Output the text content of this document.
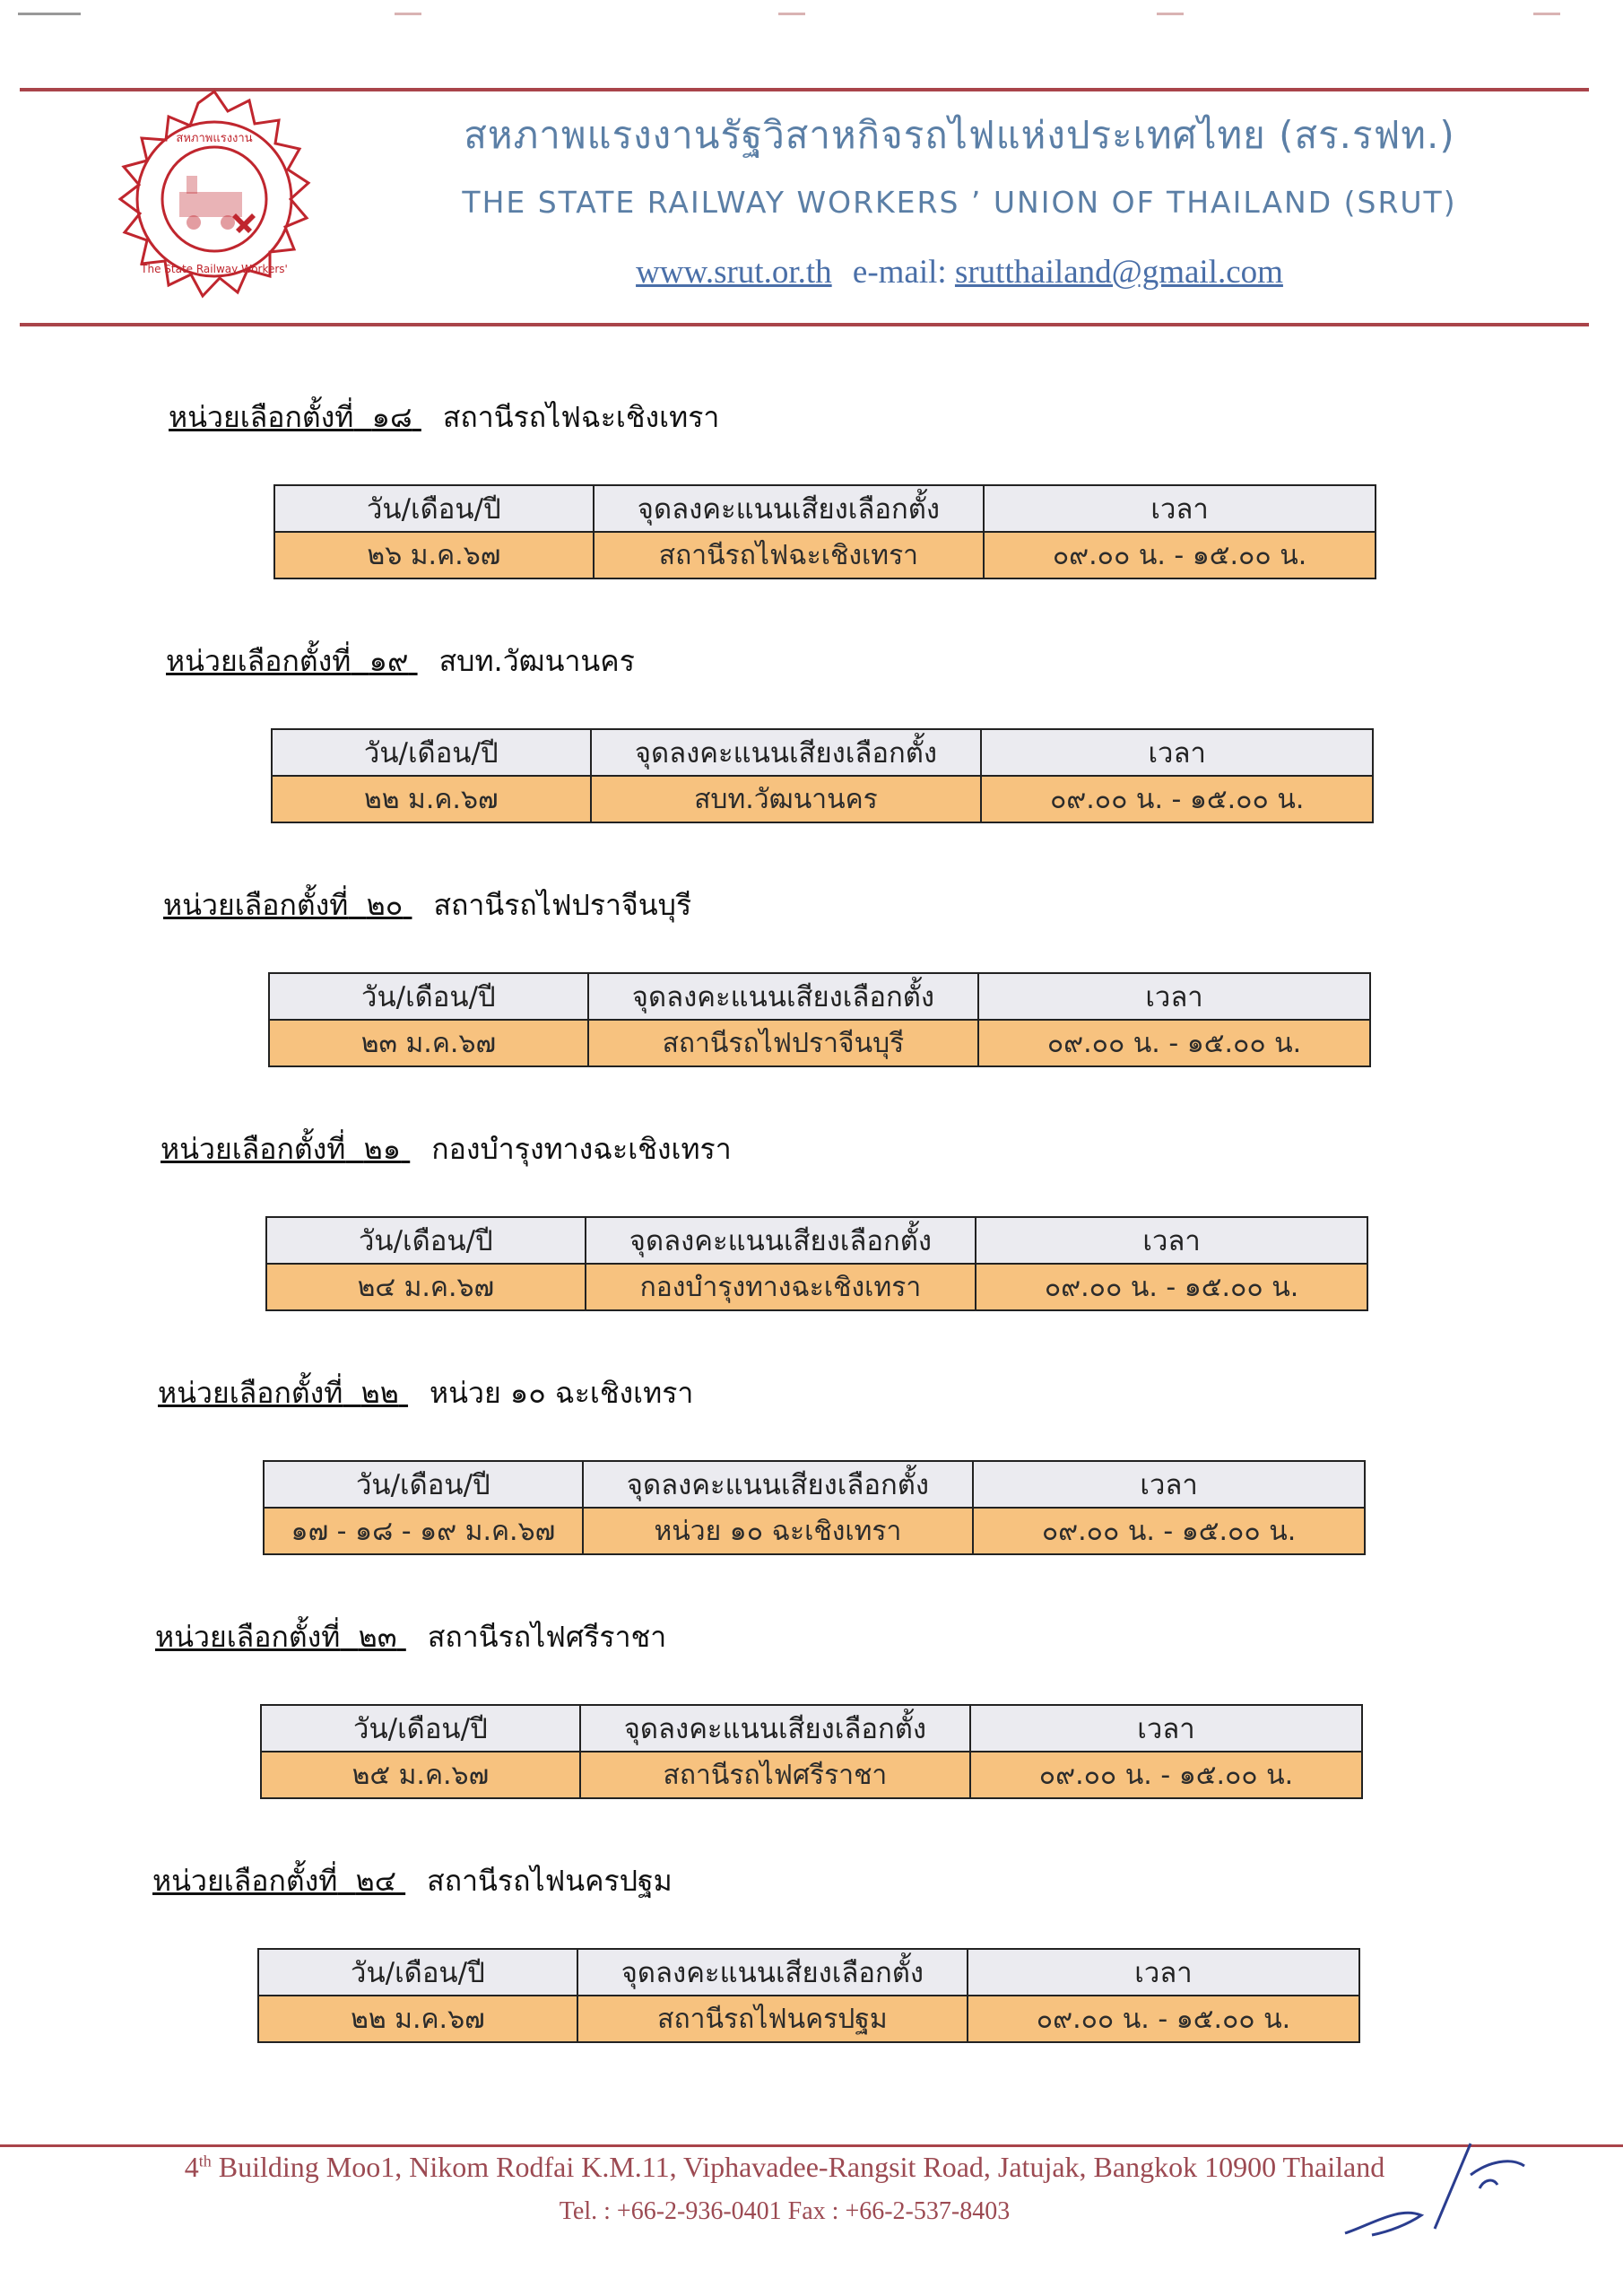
สหภาพแรงงาน
The State Railway Workers'
สหภาพแรงงานรัฐวิสาหกิจรถไฟแห่งประเทศไทย (สร.รฟท.)
THE STATE RAILWAY WORKERS ’ UNION OF THAILAND (SRUT)
www.srut.or.th e-mail: srutthailand@gmail.com
หน่วยเลือกตั้งที่ ๑๘ สถานีรถไฟฉะเชิงเทรา
วัน/เดือน/ปี	จุดลงคะแนนเสียงเลือกตั้ง	เวลา
๒๖ ม.ค.๖๗	สถานีรถไฟฉะเชิงเทรา	๐๙.๐๐ น. - ๑๕.๐๐ น.
หน่วยเลือกตั้งที่ ๑๙ สบท.วัฒนานคร
วัน/เดือน/ปี	จุดลงคะแนนเสียงเลือกตั้ง	เวลา
๒๒ ม.ค.๖๗	สบท.วัฒนานคร	๐๙.๐๐ น. - ๑๕.๐๐ น.
หน่วยเลือกตั้งที่ ๒๐ สถานีรถไฟปราจีนบุรี
วัน/เดือน/ปี	จุดลงคะแนนเสียงเลือกตั้ง	เวลา
๒๓ ม.ค.๖๗	สถานีรถไฟปราจีนบุรี	๐๙.๐๐ น. - ๑๕.๐๐ น.
หน่วยเลือกตั้งที่ ๒๑ กองบำรุงทางฉะเชิงเทรา
วัน/เดือน/ปี	จุดลงคะแนนเสียงเลือกตั้ง	เวลา
๒๔ ม.ค.๖๗	กองบำรุงทางฉะเชิงเทรา	๐๙.๐๐ น. - ๑๕.๐๐ น.
หน่วยเลือกตั้งที่ ๒๒ หน่วย ๑๐ ฉะเชิงเทรา
วัน/เดือน/ปี	จุดลงคะแนนเสียงเลือกตั้ง	เวลา
๑๗ - ๑๘ - ๑๙ ม.ค.๖๗	หน่วย ๑๐ ฉะเชิงเทรา	๐๙.๐๐ น. - ๑๕.๐๐ น.
หน่วยเลือกตั้งที่ ๒๓ สถานีรถไฟศรีราชา
วัน/เดือน/ปี	จุดลงคะแนนเสียงเลือกตั้ง	เวลา
๒๕ ม.ค.๖๗	สถานีรถไฟศรีราชา	๐๙.๐๐ น. - ๑๕.๐๐ น.
หน่วยเลือกตั้งที่ ๒๔ สถานีรถไฟนครปฐม
วัน/เดือน/ปี	จุดลงคะแนนเสียงเลือกตั้ง	เวลา
๒๒ ม.ค.๖๗	สถานีรถไฟนครปฐม	๐๙.๐๐ น. - ๑๕.๐๐ น.
4th Building Moo1, Nikom Rodfai K.M.11, Viphavadee-Rangsit Road, Jatujak, Bangkok 10900 Thailand
Tel. : +66-2-936-0401 Fax : +66-2-537-8403
